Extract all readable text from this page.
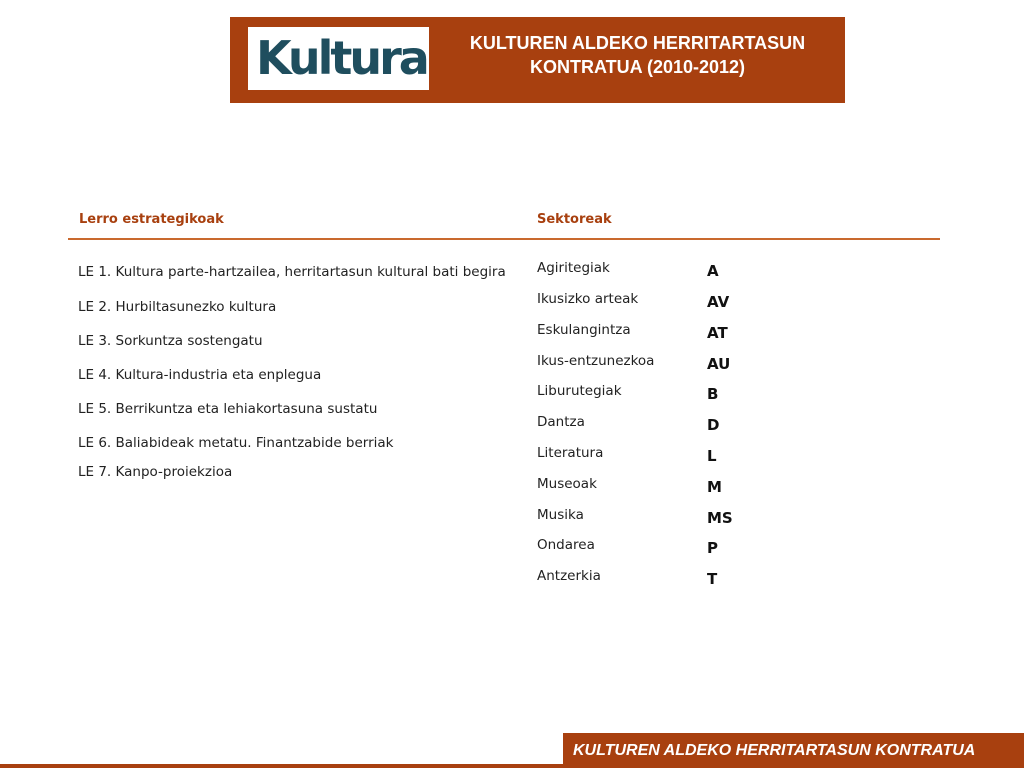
Kultura	KULTUREN ALDEKO HERRITARTASUN
KONTRATUA (2010-2012)
Lerro estrategikoak	Sektoreak
LE 1. Kultura parte-hartzailea, herritartasun kultural bati begira
LE 2. Hurbiltasunezko kultura
LE 3. Sorkuntza sostengatu
LE 4. Kultura-industria eta enplegua
LE 5. Berrikuntza eta lehiakortasuna sustatu
LE 6. Baliabideak metatu. Finantzabide berriak
LE 7. Kanpo-proiekzioa
Agiritegiak	A
Ikusizko arteak	AV
Eskulangintza	AT
Ikus-entzunezkoa	AU
Liburutegiak	B
Dantza	D
Literatura	L
Museoak	M
Musika	MS
Ondarea	P
Antzerkia	T
KULTUREN ALDEKO HERRITARTASUN KONTRATUA
